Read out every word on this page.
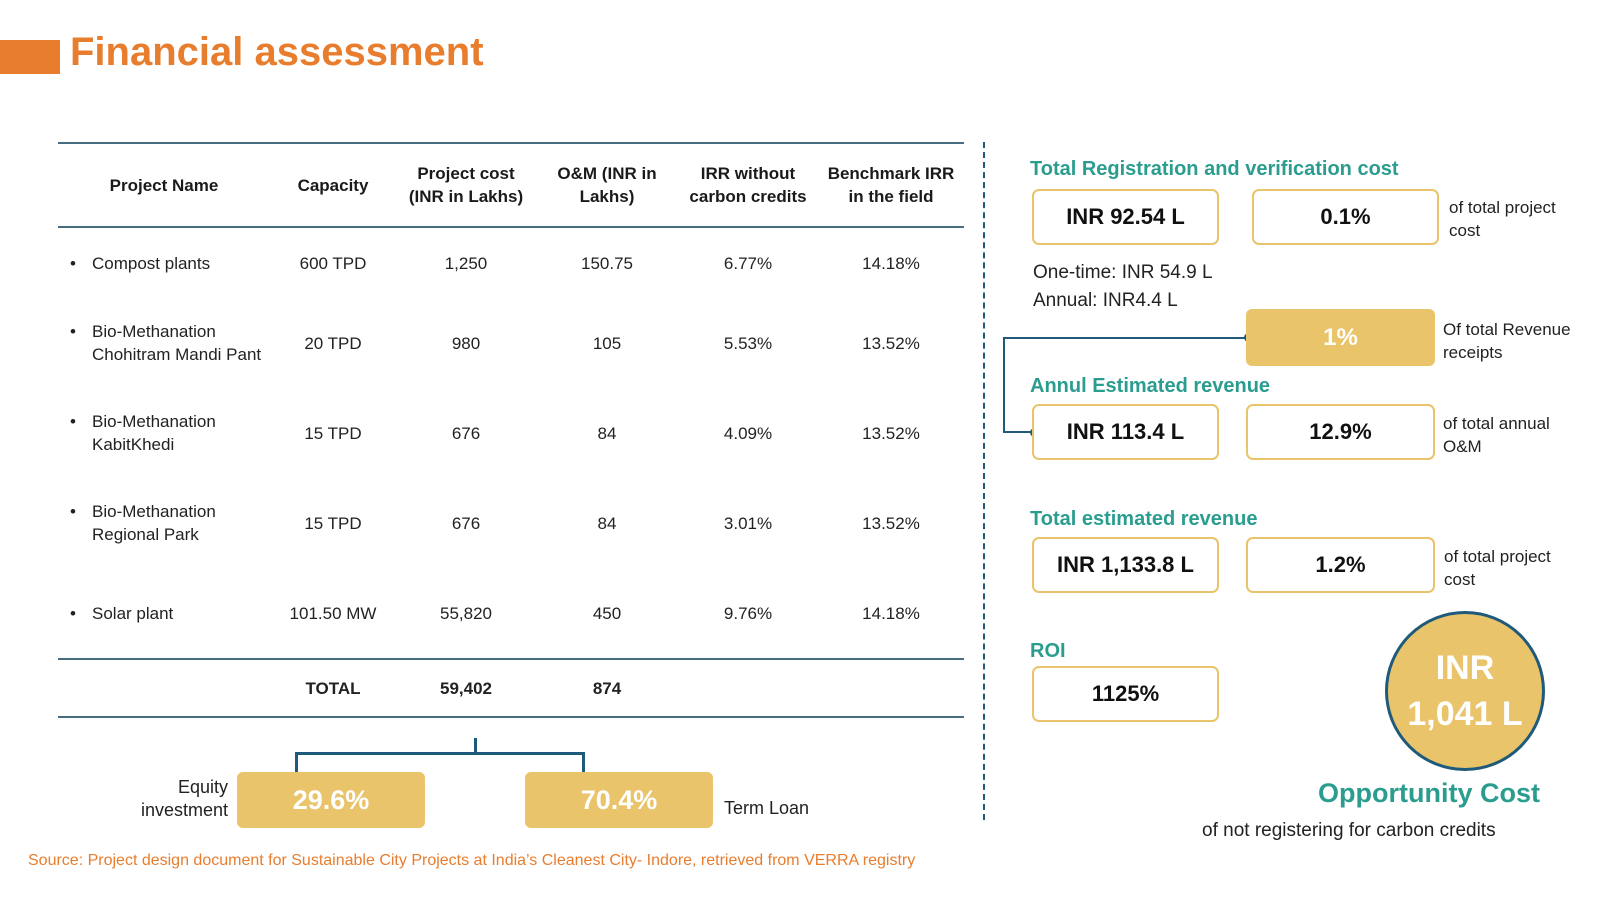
Financial assessment
Project Name	Capacity	Project cost (INR in Lakhs)	O&M (INR in Lakhs)	IRR without carbon credits	Benchmark IRR in the field

• Compost plants	600 TPD	1,250	150.75	6.77%	14.18%

• Bio-Methanation Chohitram Mandi Pant	20 TPD	980	105	5.53%	13.52%

• Bio-Methanation KabitKhedi	15 TPD	676	84	4.09%	13.52%

• Bio-Methanation Regional Park	15 TPD	676	84	3.01%	13.52%

• Solar plant	101.50 MW	55,820	450	9.76%	14.18%
	TOTAL	59,402	874		
Equity investment	29.6%	70.4%	Term Loan
Total Registration and verification cost
INR 92.54 L	0.1%	of total project cost
One-time: INR 54.9 L
Annual: INR4.4 L
1%	Of total Revenue receipts
Annul Estimated revenue
INR 113.4 L	12.9%	of total annual O&M
Total estimated revenue
INR 1,133.8 L	1.2%	of total project cost
ROI
1125%
INR
1,041 L
Opportunity Cost
of not registering for carbon credits
Source: Project design document for Sustainable City Projects at India’s Cleanest City- Indore, retrieved from VERRA registry
